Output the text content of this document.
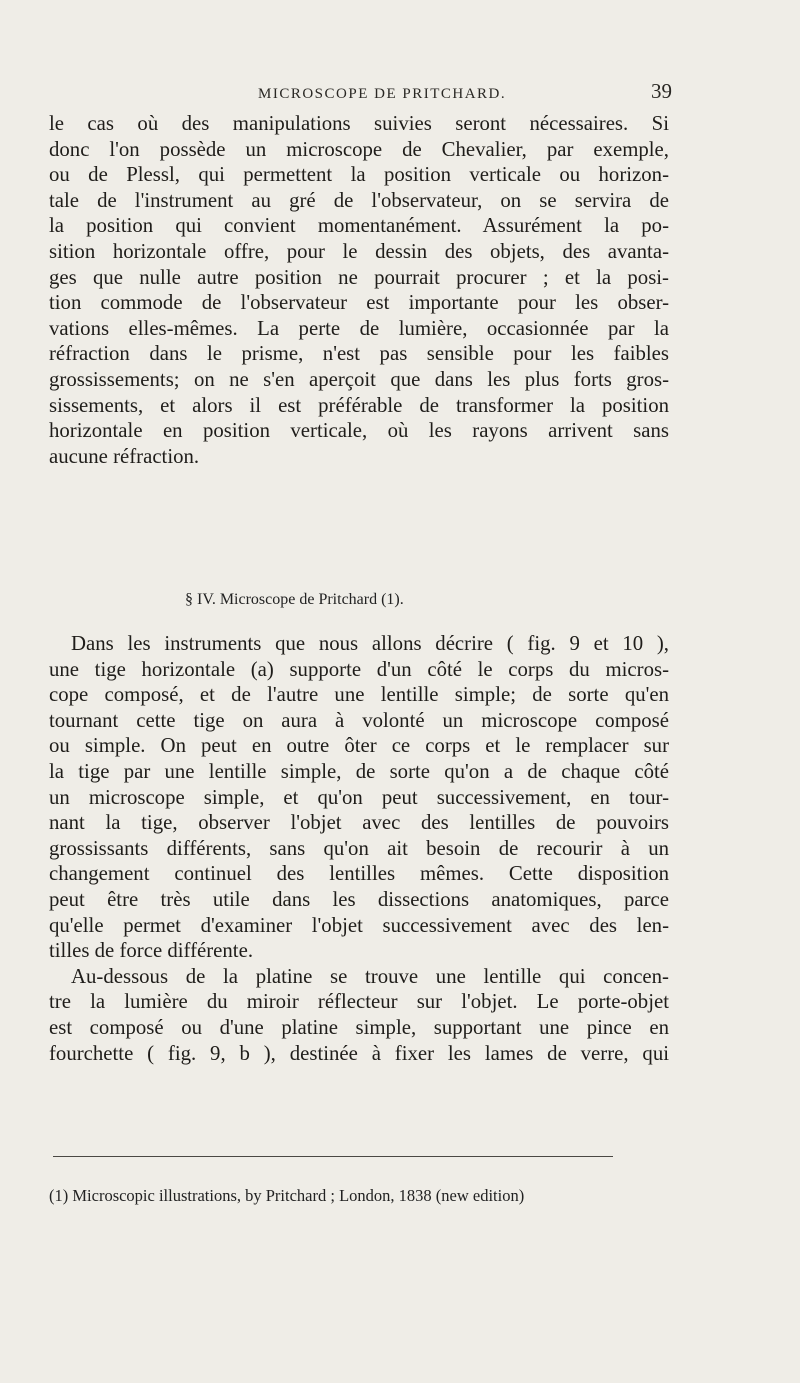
MICROSCOPE DE PRITCHARD.	39

le cas où des manipulations suivies seront nécessaires. Si
donc l'on possède un microscope de Chevalier, par exemple,
ou de Plessl, qui permettent la position verticale ou horizon-
tale de l'instrument au gré de l'observateur, on se servira de
la position qui convient momentanément. Assurément la po-
sition horizontale offre, pour le dessin des objets, des avanta-
ges que nulle autre position ne pourrait procurer ; et la posi-
tion commode de l'observateur est importante pour les obser-
vations elles-mêmes. La perte de lumière, occasionnée par la
réfraction dans le prisme, n'est pas sensible pour les faibles
grossissements; on ne s'en aperçoit que dans les plus forts gros-
sissements, et alors il est préférable de transformer la position
horizontale en position verticale, où les rayons arrivent sans
aucune réfraction.

§ IV. Microscope de Pritchard (1).

Dans les instruments que nous allons décrire ( fig. 9 et 10 ),
une tige horizontale (a) supporte d'un côté le corps du micros-
cope composé, et de l'autre une lentille simple; de sorte qu'en
tournant cette tige on aura à volonté un microscope composé
ou simple. On peut en outre ôter ce corps et le remplacer sur
la tige par une lentille simple, de sorte qu'on a de chaque côté
un microscope simple, et qu'on peut successivement, en tour-
nant la tige, observer l'objet avec des lentilles de pouvoirs
grossissants différents, sans qu'on ait besoin de recourir à un
changement continuel des lentilles mêmes. Cette disposition
peut être très utile dans les dissections anatomiques, parce
qu'elle permet d'examiner l'objet successivement avec des len-
tilles de force différente.

Au-dessous de la platine se trouve une lentille qui concen-
tre la lumière du miroir réflecteur sur l'objet. Le porte-objet
est composé ou d'une platine simple, supportant une pince en
fourchette ( fig. 9, b ), destinée à fixer les lames de verre, qui

(1) Microscopic illustrations, by Pritchard ; London, 1838 (new edition)
